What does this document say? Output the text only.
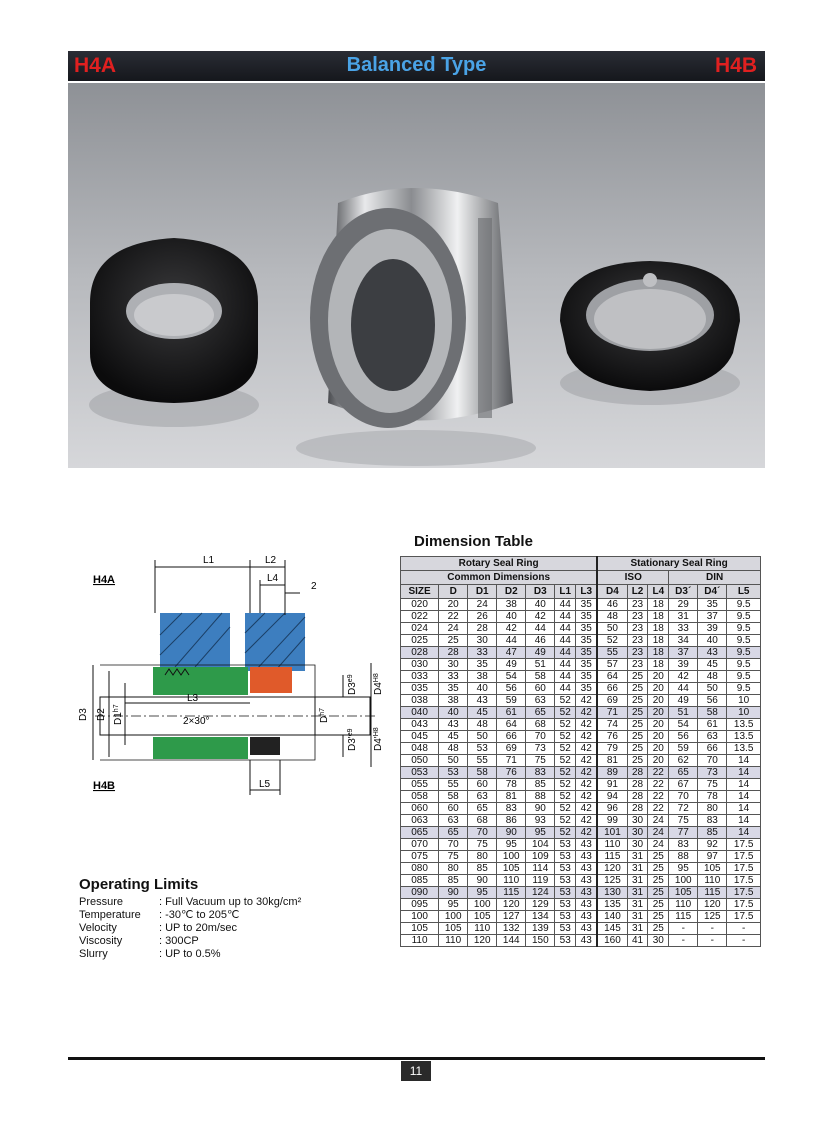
H4A	Balanced Type	H4B
L1	L2
L4
2
L3
2×30°
L5
D3 D2 $D1^{h7}$
$D^{h7}$
$D3^{e9}$
$D4^{H8}$
$D3'^{e9}$
$D4'^{H8}$
H4A
H4B
Dimension Table
Rotary Seal Ring							Stationary Seal Ring					
Common Dimensions							ISO			DIN		
SIZE	D	D1	D2	D3	L1	L3	D4	L2	L4	D3´	D4´	L5
020	20	24	38	40	44	35	46	23	18	29	35	9.5
022	22	26	40	42	44	35	48	23	18	31	37	9.5
024	24	28	42	44	44	35	50	23	18	33	39	9.5
025	25	30	44	46	44	35	52	23	18	34	40	9.5
028	28	33	47	49	44	35	55	23	18	37	43	9.5
030	30	35	49	51	44	35	57	23	18	39	45	9.5
033	33	38	54	58	44	35	64	25	20	42	48	9.5
035	35	40	56	60	44	35	66	25	20	44	50	9.5
038	38	43	59	63	52	42	69	25	20	49	56	10
040	40	45	61	65	52	42	71	25	20	51	58	10
043	43	48	64	68	52	42	74	25	20	54	61	13.5
045	45	50	66	70	52	42	76	25	20	56	63	13.5
048	48	53	69	73	52	42	79	25	20	59	66	13.5
050	50	55	71	75	52	42	81	25	20	62	70	14
053	53	58	76	83	52	42	89	28	22	65	73	14
055	55	60	78	85	52	42	91	28	22	67	75	14
058	58	63	81	88	52	42	94	28	22	70	78	14
060	60	65	83	90	52	42	96	28	22	72	80	14
063	63	68	86	93	52	42	99	30	24	75	83	14
065	65	70	90	95	52	42	101	30	24	77	85	14
070	70	75	95	104	53	43	110	30	24	83	92	17.5
075	75	80	100	109	53	43	115	31	25	88	97	17.5
080	80	85	105	114	53	43	120	31	25	95	105	17.5
085	85	90	110	119	53	43	125	31	25	100	110	17.5
090	90	95	115	124	53	43	130	31	25	105	115	17.5
095	95	100	120	129	53	43	135	31	25	110	120	17.5
100	100	105	127	134	53	43	140	31	25	115	125	17.5
105	105	110	132	139	53	43	145	31	25	-	-	-
110	110	120	144	150	53	43	160	41	30	-	-	-
Operating Limits
Pressure	: Full Vacuum up to 30kg/cm²
Temperature	: -30℃ to 205℃
Velocity	: UP to 20m/sec
Viscosity	: 300CP
Slurry	: UP to 0.5%
11
